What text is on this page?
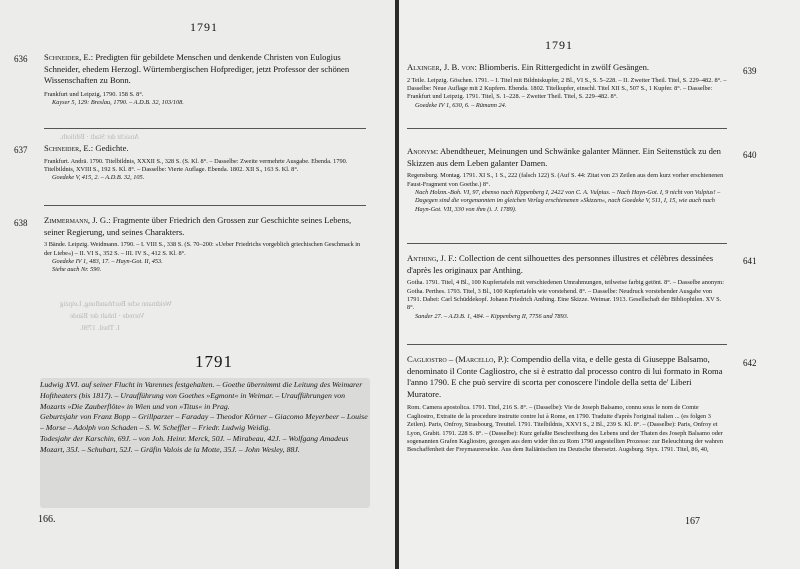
1791
636 Schneider, E.: Predigten für gebildete Menschen und denkende Christen von Eulogius Schneider, ehedem Herzogl. Würtembergischen Hofprediger, jetzt Professor der schönen Wissenschaften zu Bonn.

Frankfurt und Leipzig, 1790. 158 S. 8°.

Kayser 5, 129: Breslau, 1790. – A.D.B. 32, 103/108.

Ansicht der Stadt · Biblioth.
637 Schneider, E.: Gedichte.

Frankfurt. Andrä. 1790. Titelbildnis, XXXII S., 328 S. (S. Kl. 8°. – Dasselbe: Zweite vermehrte Ausgabe. Ebenda. 1790. Titelbildnis, XVIII S., 192 S. Kl. 8°. – Dasselbe: Vierte Auflage. Ebenda. 1802. XII S., 163 S. Kl. 8°.

Goedeke V, 415, 2. – A.D.B. 32, 105.

638 Zimmermann, J. G.: Fragmente über Friedrich den Grossen zur Geschichte seines Lebens, seiner Regierung, und seines Charakters.

3 Bände. Leipzig. Weidmann. 1790. – I. VIII S., 338 S. (S. 70–200: »Ueber Friedrichs vorgeblich griechischen Geschmack in der Liebe«) – II. VI S., 352 S. – III. IV S., 412 S. Kl. 8°.

Goedeke IV 1, 483, 17. – Hayn-Got. II, 453.

Siehe auch Nr. 590.

Weidmann sche Buchhandlung, Leipzig
Vorrede · Inhalt der Bände
I. Theil. 1790.
1791

Ludwig XVI. auf seiner Flucht in Varennes festgehalten. – Goethe übernimmt die Leitung des Weimarer Hoftheaters (bis 1817). – Uraufführung von Goethes »Egmont« in Weimar. – Uraufführungen von Mozarts »Die Zauberflöte« in Wien und von »Titus« in Prag.

Geburtsjahr von Franz Bopp – Grillparzer – Faraday – Theodor Körner – Giacomo Meyerbeer – Louise – Morse – Adolph von Schaden – S. W. Scheffler – Friedr. Ludwig Weidig.

Todesjahr der Karschin, 69J. – von Joh. Heinr. Merck, 50J. – Mirabeau, 42J. – Wolfgang Amadeus Mozart, 35J. – Schubart, 52J. – Gräfin Valois de la Motte, 35J. – John Wesley, 88J.

166.
1791

Alxinger, J. B. von: Bliomberis. Ein Rittergedicht in zwölf Gesängen.

2 Teile. Leipzig. Göschen. 1791. – I. Titel mit Bildniskupfer, 2 Bl., VI S., S. 5–228. – II. Zweiter Theil. Titel, S. 229–482. 8°. – Dasselbe: Neue Auflage mit 2 Kupfern. Ebenda. 1802. Titelkupfer, einschl. Titel XII S., 507 S., 1 Kupfer. 8°. – Dasselbe: Frankfurt und Leipzig. 1791. Titel, S. 1–228. – Zweiter Theil. Titel, S. 229–482. 8°.

Goedeke IV 1, 630, 6. – Rümann 24.

639

Anonym: Abendtheuer, Meinungen und Schwänke galanter Männer. Ein Seitenstück zu den Skizzen aus dem Leben galanter Damen.

Regensburg. Montag. 1791. XI S., 1 S., 222 (falsch 122) S. (Auf S. 44: Zitat von 23 Zeilen aus dem kurz vorher erschienenen Faust-Fragment von Goethe.) 8°.

Nach Holzm.-Boh. VI, 97, ebenso nach Kippenberg I, 2422 von C. A. Vulpius. – Nach Hayn-Got. I, 9 nicht von Vulpius! – Dagegen sind die vorgenannten im gleichen Verlag erschienenen »Skizzen«, nach Goedeke V, 511, I, 15, wie auch nach Hayn-Got. VII, 330 von ihm (i. J. 1789).

640

Anthing, J. F.: Collection de cent silhouettes des personnes illustres et célèbres dessinées d'après les originaux par Anthing.

Gotha. 1791. Titel, 4 Bl., 100 Kupfertafeln mit verschiedenen Umrahmungen, teilweise farbig getönt. 8°. – Dasselbe anonym: Gotha. Perthes. 1793. Titel, 3 Bl., 100 Kupfertafeln wie vorstehend. 8°. – Dasselbe: Neudruck vorstehender Ausgabe von 1791. Dabei: Carl Schüddekopf. Johann Friedrich Anthing. Eine Skizze. Weimar. 1913. Gesellschaft der Bibliophilen. XV S. 8°.

Sander 27. – A.D.B. 1, 484. – Kippenberg II, 7756 und 7893.

641

Cagliostro – (Marcello, P.): Compendio della vita, e delle gesta di Giuseppe Balsamo, denominato il Conte Cagliostro, che si è estratto dal processo contro di lui formato in Roma l'anno 1790. E che può servire di scorta per conoscere l'indole della setta de' Liberi Muratore.

Rom. Camera apostolica. 1791. Titel, 216 S. 8°. – (Dasselbe): Vie de Joseph Balsamo, connu sous le nom de Comte Cagliostro, Extraite de la procedure instruite contre lui à Rome, en 1790. Traduite d'après l'original italien ... (es folgen 3 Zeilen). Paris, Onfroy, Strasbourg, Treuttel. 1791. Titelbildnis, XXVI S., 2 Bl., 239 S. Kl. 8°. – (Dasselbe): Paris, Onfroy et Lyon, Grabit. 1791. 228 S. 8°. – (Dasselbe): Kurz gefaßte Beschreibung des Lebens und der Thaten des Joseph Balsamo oder sogenannten Grafen Kagliostro, gezogen aus dem wider ihn zu Rom 1790 angestellten Prozesse: zur Beleuchtung der wahren Beschaffenheit der Freymaurersekte. Aus dem Italiänischen ins Deutsche übersetzt. Augsburg. Styx. 1791. Titel, 86, 40,

642
167
